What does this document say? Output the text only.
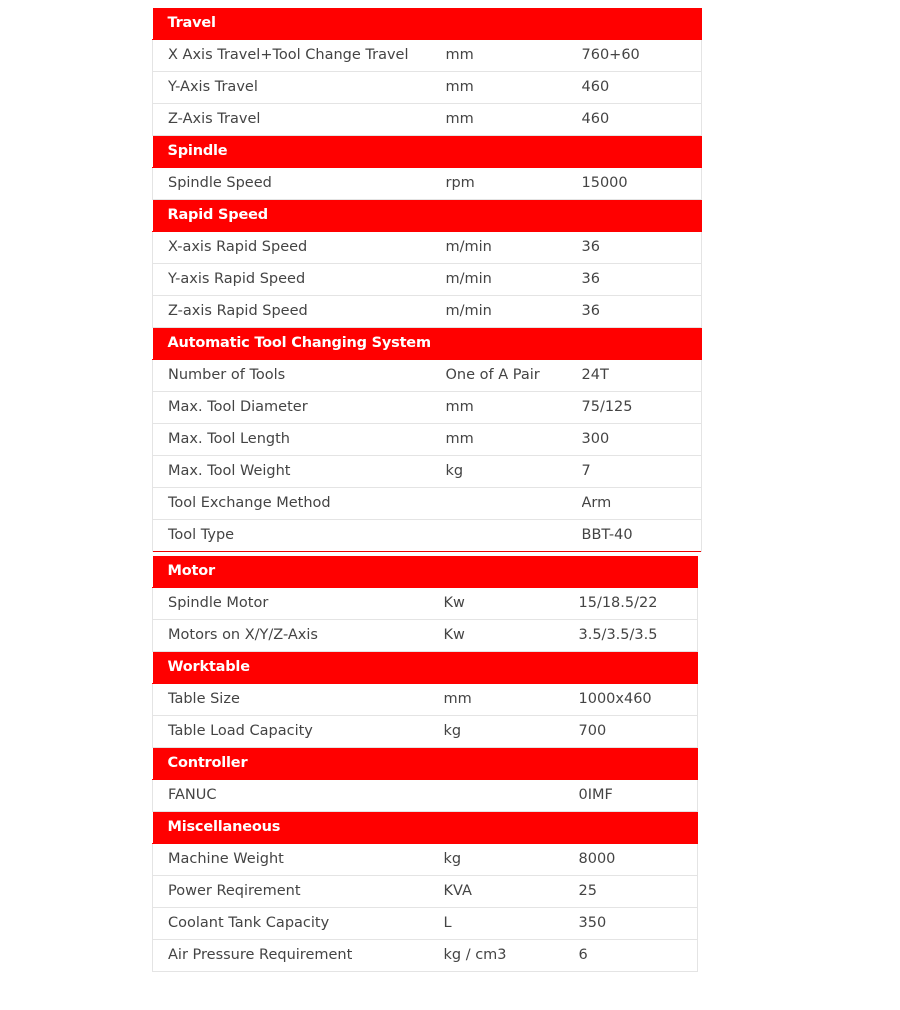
Travel		
X Axis Travel+Tool Change Travel	mm	760+60
Y-Axis Travel	mm	460
Z-Axis Travel	mm	460
Spindle		
Spindle Speed	rpm	15000
Rapid Speed		
X-axis Rapid Speed	m/min	36
Y-axis Rapid Speed	m/min	36
Z-axis Rapid Speed	m/min	36
Automatic Tool Changing System		
Number of Tools	One of A Pair	24T
Max. Tool Diameter	mm	75/125
Max. Tool Length	mm	300
Max. Tool Weight	kg	7
Tool Exchange Method		Arm
Tool Type		BBT-40
Motor		
Spindle Motor	Kw	15/18.5/22
Motors on X/Y/Z-Axis	Kw	3.5/3.5/3.5
Worktable		
Table Size	mm	1000x460
Table Load Capacity	kg	700
Controller		
FANUC		0IMF
Miscellaneous		
Machine Weight	kg	8000
Power Reqirement	KVA	25
Coolant Tank Capacity	L	350
Air Pressure Requirement	kg / cm3	6
